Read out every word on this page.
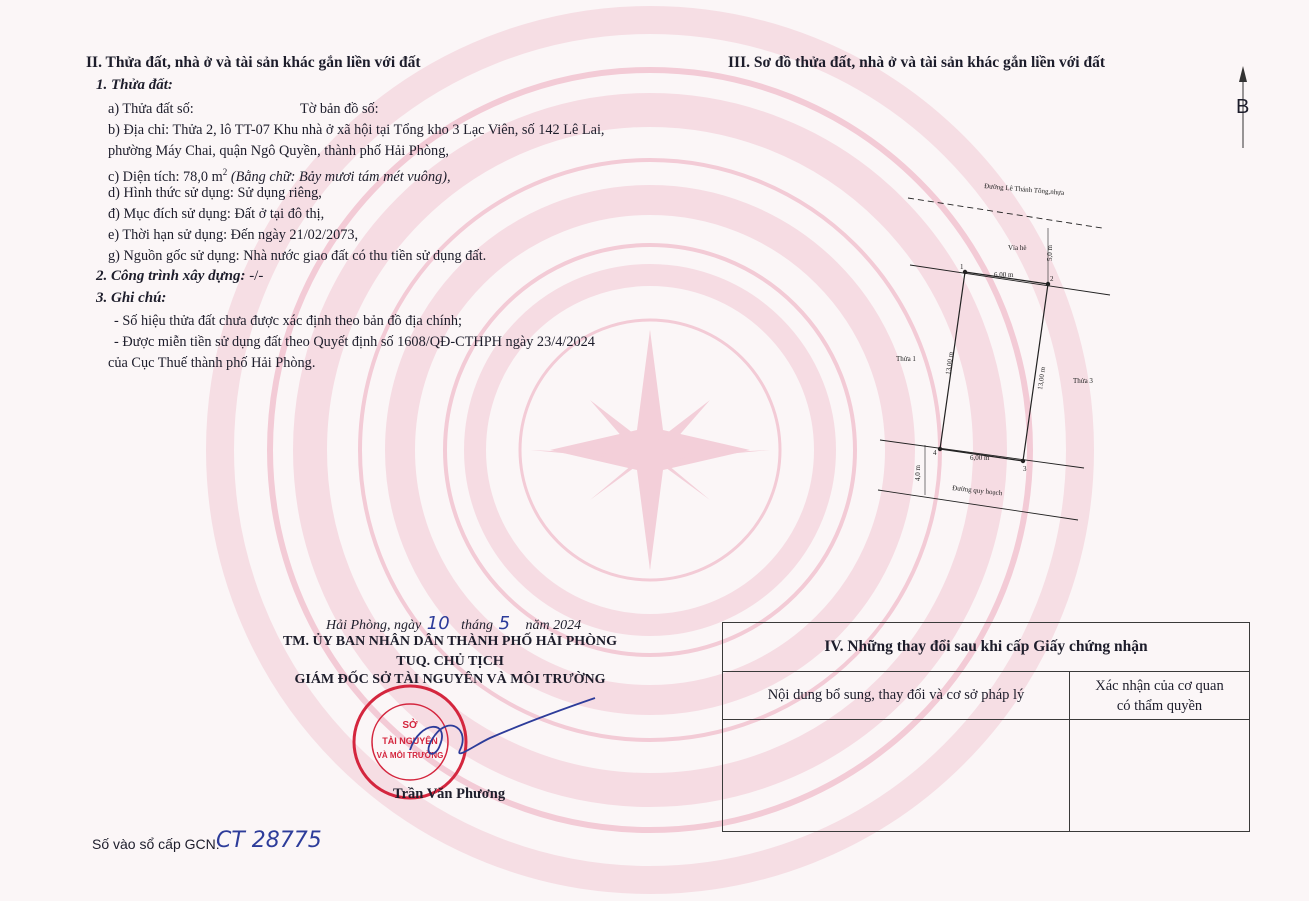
II. Thửa đất, nhà ở và tài sản khác gắn liền với đất
1. Thửa đất:
a) Thửa đất số:	Tờ bản đồ số:
b) Địa chỉ: Thửa 2, lô TT-07 Khu nhà ở xã hội tại Tổng kho 3 Lạc Viên, số 142 Lê Lai,
phường Máy Chai, quận Ngô Quyền, thành phố Hải Phòng,
c) Diện tích: 78,0 $m^2$ (Bằng chữ: Bảy mươi tám mét vuông),
d) Hình thức sử dụng: Sử dụng riêng,
đ) Mục đích sử dụng: Đất ở tại đô thị,
e) Thời hạn sử dụng: Đến ngày 21/02/2073,
g) Nguồn gốc sử dụng: Nhà nước giao đất có thu tiền sử dụng đất.
2. Công trình xây dựng: -/-
3. Ghi chú:
- Số hiệu thửa đất chưa được xác định theo bản đồ địa chính;
- Được miễn tiền sử dụng đất theo Quyết định số 1608/QĐ-CTHPH ngày 23/4/2024
của Cục Thuế thành phố Hải Phòng.
III. Sơ đồ thửa đất, nhà ở và tài sản khác gắn liền với đất
B
Đường Lê Thánh Tông,nhựa
Vỉa hè	5,0 m
Thửa 1
Thửa 3
6,00 m
6,00 m
13,00 m
13,00 m
Đường quy hoạch
4,0 m
1
2
3
4
Hải Phòng, ngày 10 tháng 5 năm 2024
TM. ỦY BAN NHÂN DÂN THÀNH PHỐ HẢI PHÒNG
TUQ. CHỦ TỊCH
GIÁM ĐỐC SỞ TÀI NGUYÊN VÀ MÔI TRƯỜNG
SỞ
TÀI NGUYÊN
VÀ MÔI TRƯỜNG
Trần Văn Phương
Số vào sổ cấp GCN:
CT 28775
IV. Những thay đổi sau khi cấp Giấy chứng nhận	
Nội dung bổ sung, thay đổi và cơ sở pháp lý	Xác nhận của cơ quan
có thẩm quyền
